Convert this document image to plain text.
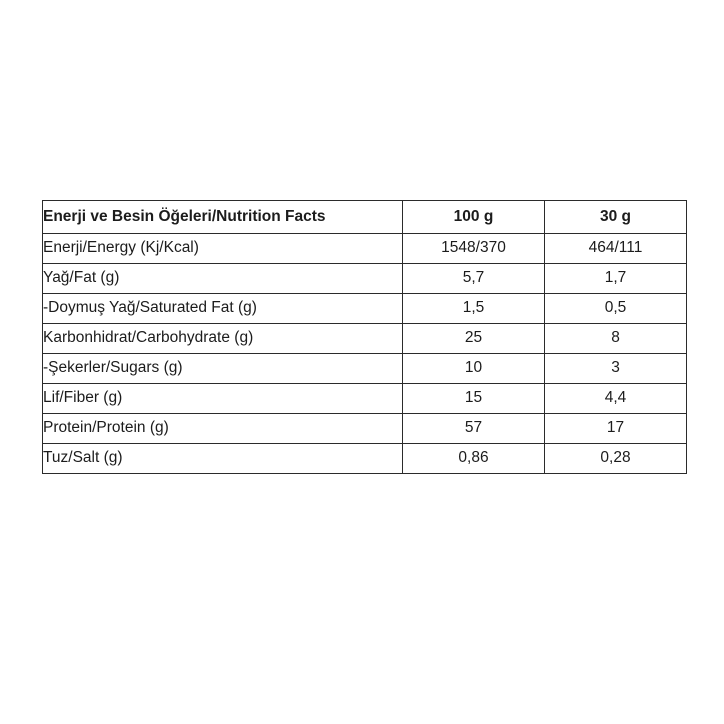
Enerji ve Besin Öğeleri/Nutrition Facts	100 g	30 g
Enerji/Energy (Kj/Kcal)	1548/370	464/111
Yağ/Fat (g)	5,7	1,7
-Doymuş Yağ/Saturated Fat (g)	1,5	0,5
Karbonhidrat/Carbohydrate (g)	25	8
-Şekerler/Sugars (g)	10	3
Lif/Fiber (g)	15	4,4
Protein/Protein (g)	57	17
Tuz/Salt (g)	0,86	0,28
